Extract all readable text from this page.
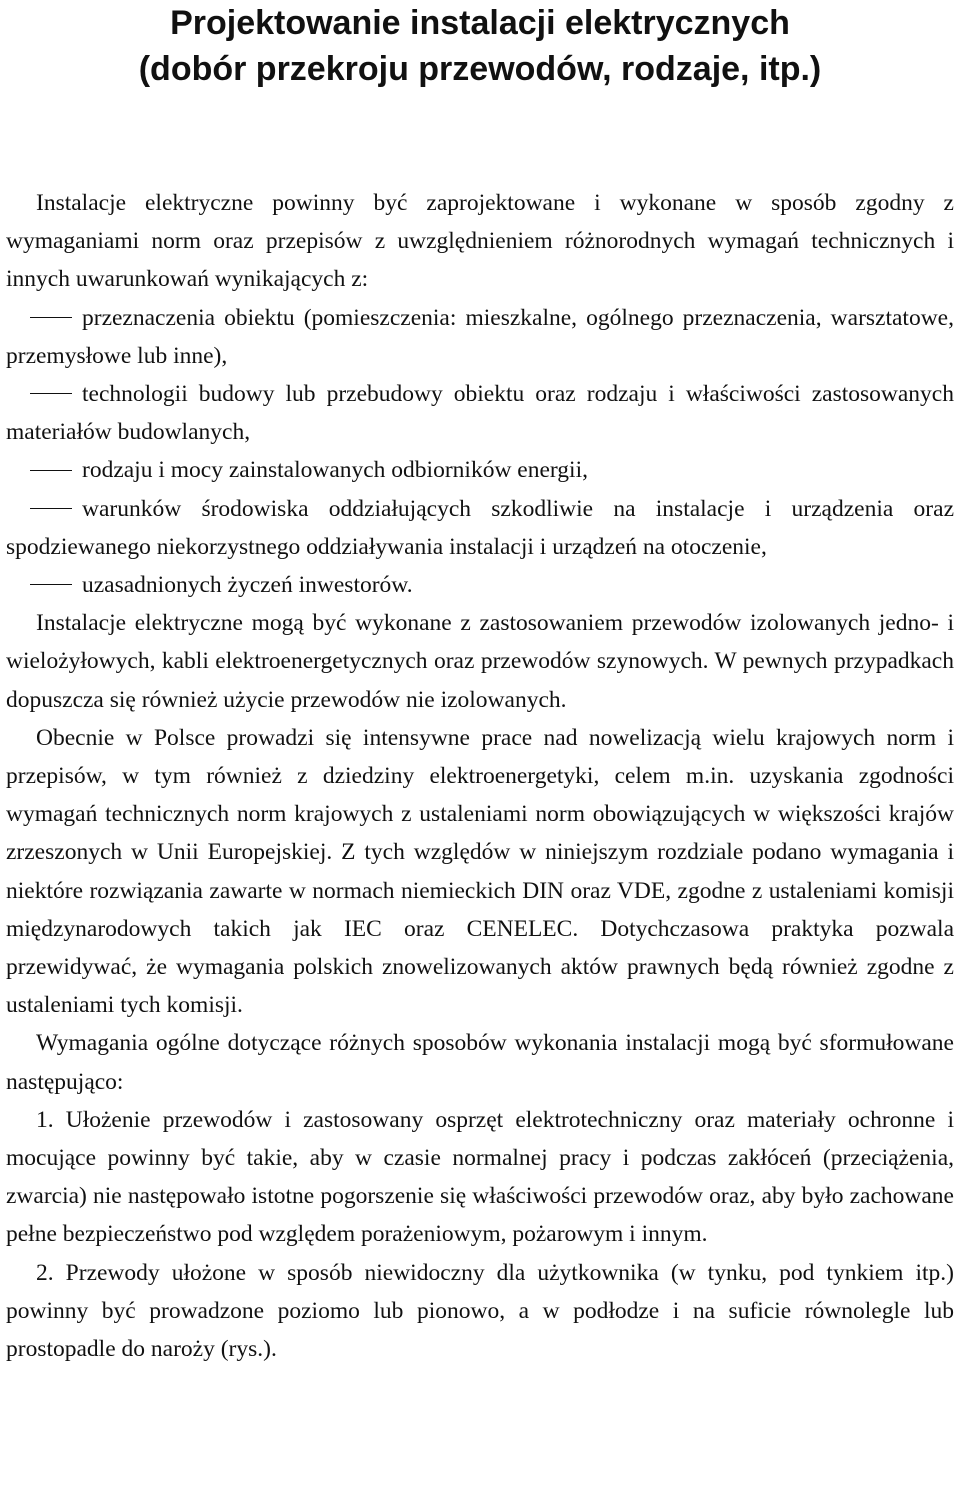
Projektowanie instalacji elektrycznych
(dobór przekroju przewodów, rodzaje, itp.)

Instalacje elektryczne powinny być zaprojektowane i wykonane w sposób zgodny z wymaganiami norm oraz przepisów z uwzględnieniem różnorodnych wymagań technicznych i innych uwarunkowań wynikających z:

przeznaczenia obiektu (pomieszczenia: mieszkalne, ogólnego przeznaczenia, warsztatowe, przemysłowe lub inne),

technologii budowy lub przebudowy obiektu oraz rodzaju i właściwości zastosowanych materiałów budowlanych,

rodzaju i mocy zainstalowanych odbiorników energii,

warunków środowiska oddziałujących szkodliwie na instalacje i urządzenia oraz spodziewanego niekorzystnego oddziaływania instalacji i urządzeń na otoczenie,

uzasadnionych życzeń inwestorów.

Instalacje elektryczne mogą być wykonane z zastosowaniem przewodów izolowanych jedno- i wielożyłowych, kabli elektroenergetycznych oraz przewodów szynowych. W pewnych przypadkach dopuszcza się również użycie przewodów nie izolowanych.

Obecnie w Polsce prowadzi się intensywne prace nad nowelizacją wielu krajowych norm i przepisów, w tym również z dziedziny elektroenergetyki, celem m.in. uzyskania zgodności wymagań technicznych norm krajowych z ustaleniami norm obowiązujących w większości krajów zrzeszonych w Unii Europejskiej. Z tych względów w niniejszym rozdziale podano wymagania i niektóre rozwiązania zawarte w normach niemieckich DIN oraz VDE, zgodne z ustaleniami komisji międzynarodowych takich jak IEC oraz CENELEC. Dotychczasowa praktyka pozwala przewidywać, że wymagania polskich znowelizowanych aktów prawnych będą również zgodne z ustaleniami tych komisji.

Wymagania ogólne dotyczące różnych sposobów wykonania instalacji mogą być sformułowane następująco:

1. Ułożenie przewodów i zastosowany osprzęt elektrotechniczny oraz materiały ochronne i mocujące powinny być takie, aby w czasie normalnej pracy i podczas zakłóceń (przeciążenia, zwarcia) nie następowało istotne pogorszenie się właściwości przewodów oraz, aby było zachowane pełne bezpieczeństwo pod względem porażeniowym, pożarowym i innym.

2. Przewody ułożone w sposób niewidoczny dla użytkownika (w tynku, pod tynkiem itp.) powinny być prowadzone poziomo lub pionowo, a w podłodze i na suficie równolegle lub prostopadle do naroży (rys.).
